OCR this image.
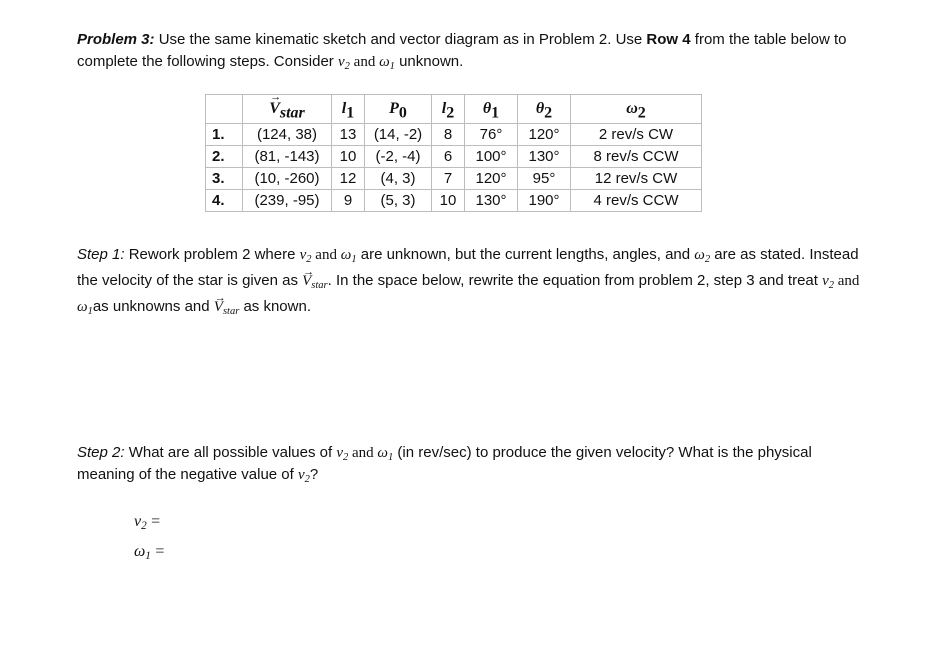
Problem 3: Use the same kinematic sketch and vector diagram as in Problem 2. Use Row 4 from the table below to complete the following steps. Consider $v_2$ and $\omega_1$ unknown.
	→ $V_{star}$	$l_1$	$P_0$	$l_2$	$\theta_1$	$\theta_2$	$\omega_2$
1.	(124, 38)	13	(14, -2)	8	76°	120°	2 rev/s CW
2.	(81, -143)	10	(-2, -4)	6	100°	130°	8 rev/s CCW
3.	(10, -260)	12	(4, 3)	7	120°	95°	12 rev/s CW
4.	(239, -95)	9	(5, 3)	10	130°	190°	4 rev/s CCW
Step 1: Rework problem 2 where $v_2$ and $\omega_1$ are unknown, but the current lengths, angles, and $\omega_2$ are as stated. Instead the velocity of the star is given as → $V_{star}$. In the space below, rewrite the equation from problem 2, step 3 and treat $v_2$ and $\omega_1as$ unknowns and → $V_{star}$ as known.
Step 2: What are all possible values of $v_2$ and $\omega_1$ (in rev/sec) to produce the given velocity? What is the physical meaning of the negative value of $v_2$?
$v_2$ =
$\omega_1$ =
